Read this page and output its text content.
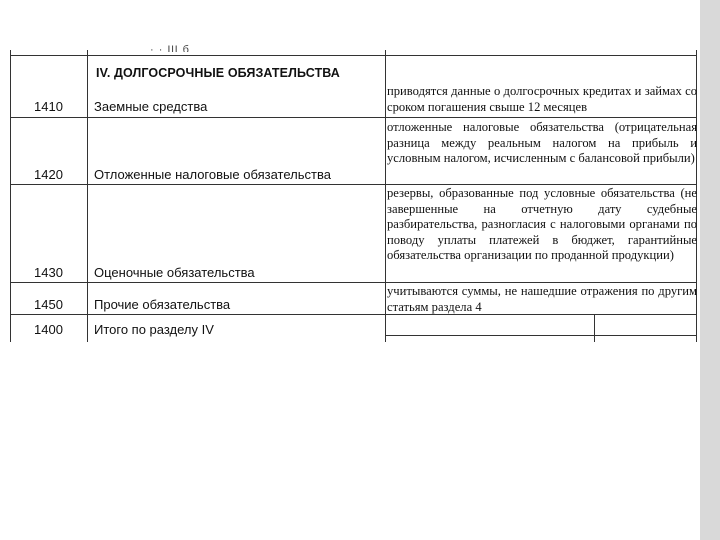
· · Ш б
IV. ДОЛГОСРОЧНЫЕ ОБЯЗАТЕЛЬСТВА
1410 Заемные средства
приводятся данные о долгосрочных кредитах и займах со сроком погашения свыше 12 месяцев
1420 Отложенные налоговые обязательства
отложенные налоговые обязательства (отрицательная разница между реальным налогом на прибыль и условным налогом, исчисленным с балансовой прибыли)
1430 Оценочные обязательства
резервы, образованные под условные обязательства (не завершенные на отчетную дату судебные разбирательства, разногласия с налоговыми органами по поводу уплаты платежей в бюджет, гарантийные обязательства организации по проданной продукции)
1450 Прочие обязательства
учитываются суммы, не нашедшие отражения по другим статьям раздела 4
1400 Итого по разделу IV
